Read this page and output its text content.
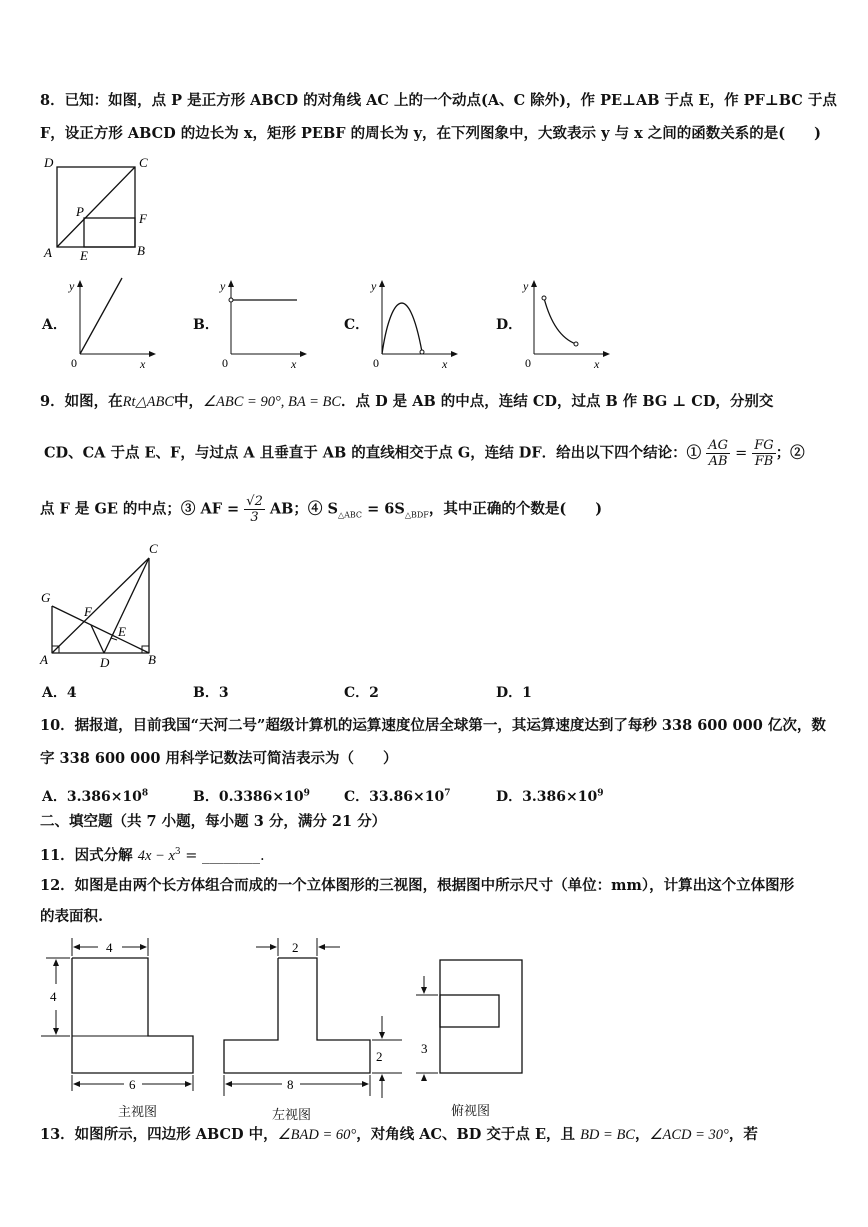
8．已知：如图，点 P 是正方形 ABCD 的对角线 AC 上的一个动点(A、C 除外)，作 PE⊥AB 于点 E，作 PF⊥BC 于点
F，设正方形 ABCD 的边长为 x，矩形 PEBF 的周长为 y，在下列图象中，大致表示 y 与 x 之间的函数关系的是(　　)
D	C
P	F
A E	B
A．
y
x
0
B．
y
x
0
C．
y
x
0
D．
y
x
0
9．如图，在Rt△ABC中，∠ABC = 90°, BA = BC．点 D 是 AB 的中点，连结 CD，过点 B 作 BG ⊥ CD，分别交
CD、CA 于点 E、F，与过点 A 且垂直于 AB 的直线相交于点 G，连结 DF．给出以下四个结论：① $\frac{AG}{AB} = \frac{FG}{FB}$ ；②
点 F 是 GE 的中点；③ AF = $\frac{√2}{3}$ AB；④ $S_{\triangle ABC} = 6S_{\triangle BDF}$，其中正确的个数是(　　)
C
G
F
E
A	D	B
A．4	B．3	C．2	D．1
10．据报道，目前我国“天河二号”超级计算机的运算速度位居全球第一，其运算速度达到了每秒 338 600 000 亿次，数
字 338 600 000 用科学记数法可简洁表示为（　　）
A．$3.386\times 10^8$	B．$0.3386\times 10^9$ C．$33.86\times 10^7$	D．$3.386\times 10^9$
二、填空题（共 7 小题，每小题 3 分，满分 21 分）
11．因式分解 $4x - x^3$ = ________.
12．如图是由两个长方体组合而成的一个立体图形的三视图，根据图中所示尺寸（单位：mm），计算出这个立体图形
的表面积.
4
4
6
主视图
2
2
8
左视图
3
俯视图
13．如图所示，四边形 ABCD 中，∠BAD = 60°，对角线 AC、BD 交于点 E，且 BD = BC，∠ACD = 30°，若
